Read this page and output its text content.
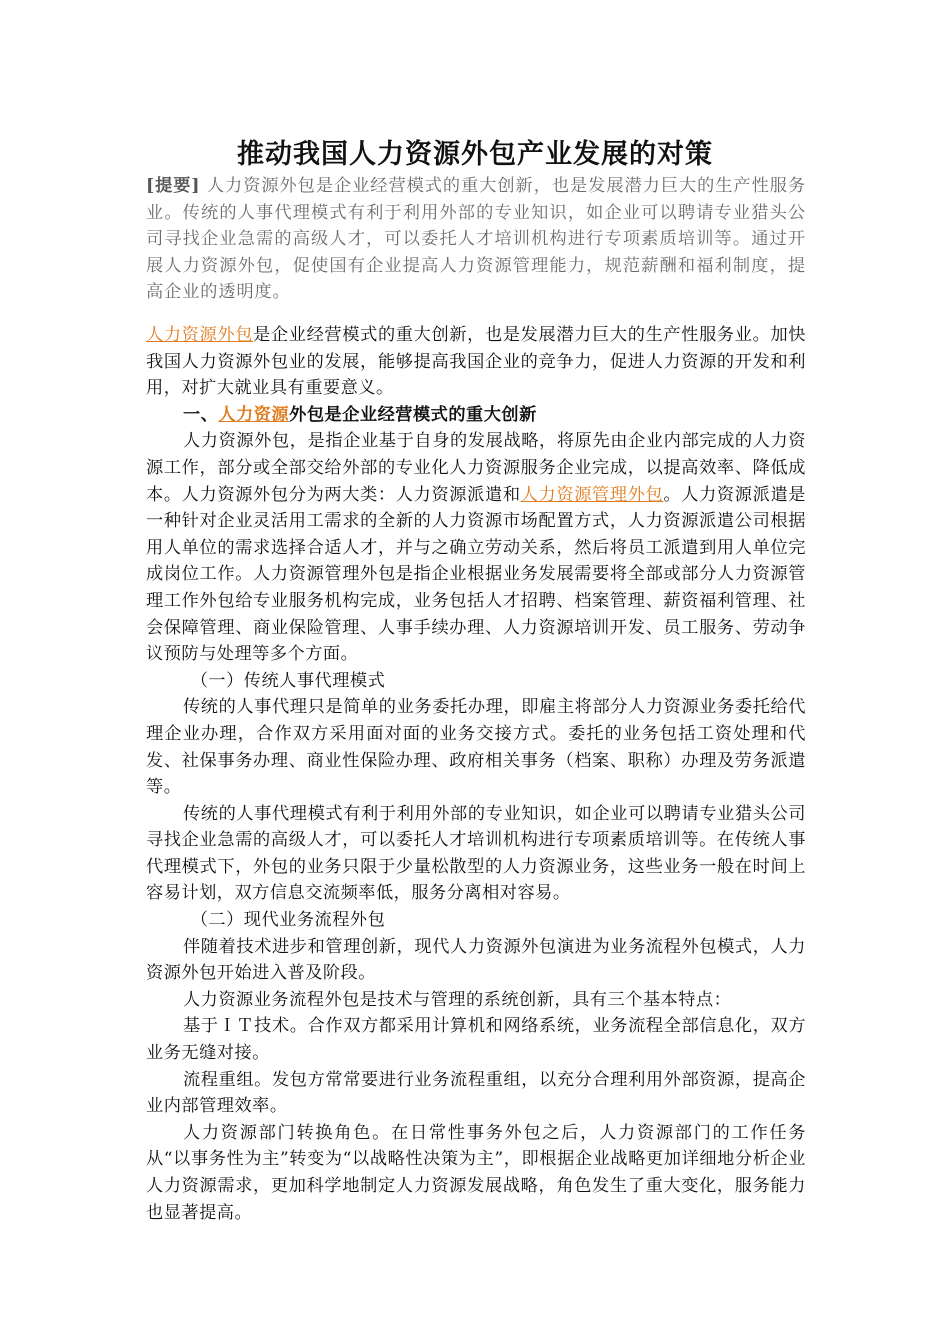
推动我国人力资源外包产业发展的对策

[提要] 人力资源外包是企业经营模式的重大创新，也是发展潜力巨大的生产性服务业。传统的人事代理模式有利于利用外部的专业知识，如企业可以聘请专业猎头公司寻找企业急需的高级人才，可以委托人才培训机构进行专项素质培训等。通过开展人力资源外包，促使国有企业提高人力资源管理能力，规范薪酬和福利制度，提高企业的透明度。

人力资源外包是企业经营模式的重大创新，也是发展潜力巨大的生产性服务业。加快我国人力资源外包业的发展，能够提高我国企业的竞争力，促进人力资源的开发和利用，对扩大就业具有重要意义。

一、人力资源外包是企业经营模式的重大创新

人力资源外包，是指企业基于自身的发展战略，将原先由企业内部完成的人力资源工作，部分或全部交给外部的专业化人力资源服务企业完成，以提高效率、降低成本。人力资源外包分为两大类：人力资源派遣和人力资源管理外包。人力资源派遣是一种针对企业灵活用工需求的全新的人力资源市场配置方式，人力资源派遣公司根据用人单位的需求选择合适人才，并与之确立劳动关系，然后将员工派遣到用人单位完成岗位工作。人力资源管理外包是指企业根据业务发展需要将全部或部分人力资源管理工作外包给专业服务机构完成，业务包括人才招聘、档案管理、薪资福利管理、社会保障管理、商业保险管理、人事手续办理、人力资源培训开发、员工服务、劳动争议预防与处理等多个方面。

（一）传统人事代理模式

传统的人事代理只是简单的业务委托办理，即雇主将部分人力资源业务委托给代理企业办理，合作双方采用面对面的业务交接方式。委托的业务包括工资处理和代发、社保事务办理、商业性保险办理、政府相关事务（档案、职称）办理及劳务派遣等。

传统的人事代理模式有利于利用外部的专业知识，如企业可以聘请专业猎头公司寻找企业急需的高级人才，可以委托人才培训机构进行专项素质培训等。在传统人事代理模式下，外包的业务只限于少量松散型的人力资源业务，这些业务一般在时间上容易计划，双方信息交流频率低，服务分离相对容易。

（二）现代业务流程外包

伴随着技术进步和管理创新，现代人力资源外包演进为业务流程外包模式，人力资源外包开始进入普及阶段。

人力资源业务流程外包是技术与管理的系统创新，具有三个基本特点：

基于ＩＴ技术。合作双方都采用计算机和网络系统，业务流程全部信息化，双方业务无缝对接。

流程重组。发包方常常要进行业务流程重组，以充分合理利用外部资源，提高企业内部管理效率。

人力资源部门转换角色。在日常性事务外包之后，人力资源部门的工作任务从“以事务性为主”转变为“以战略性决策为主”，即根据企业战略更加详细地分析企业人力资源需求，更加科学地制定人力资源发展战略，角色发生了重大变化，服务能力也显著提高。
